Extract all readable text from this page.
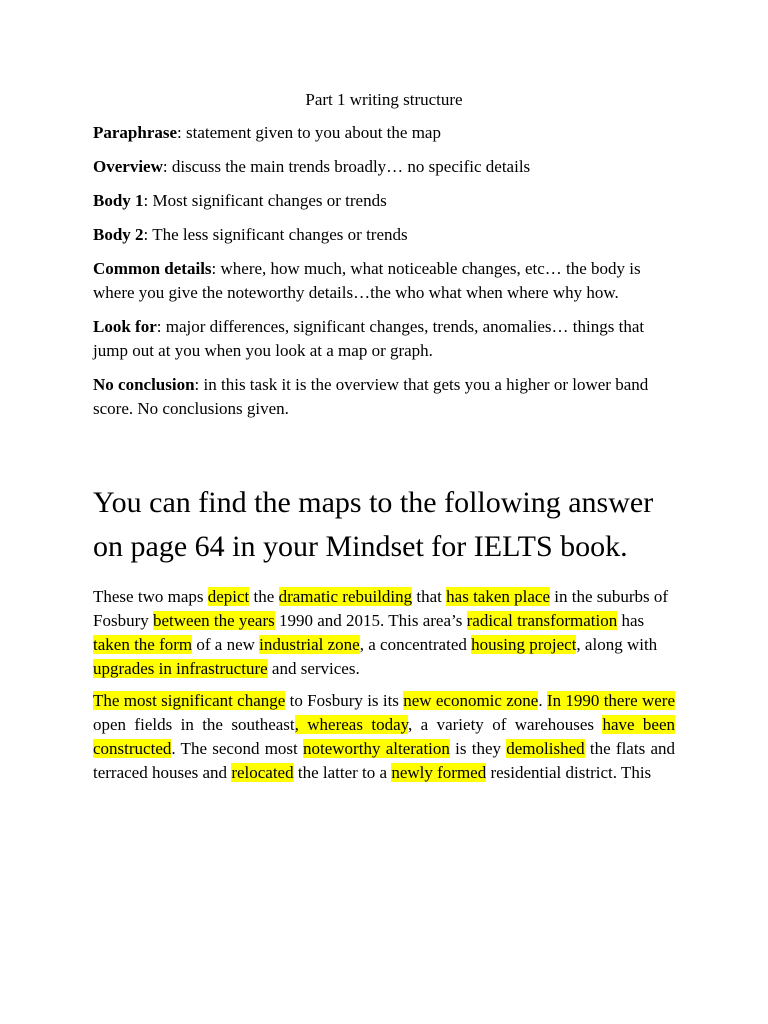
Part 1 writing structure

Paraphrase: statement given to you about the map

Overview: discuss the main trends broadly… no specific details

Body 1: Most significant changes or trends

Body 2: The less significant changes or trends

Common details: where, how much, what noticeable changes, etc… the body is where you give the noteworthy details…the who what when where why how.

Look for: major differences, significant changes, trends, anomalies… things that jump out at you when you look at a map or graph.

No conclusion: in this task it is the overview that gets you a higher or lower band score. No conclusions given.

You can find the maps to the following answer on page 64 in your Mindset for IELTS book.

These two maps depict the dramatic rebuilding that has taken place in the suburbs of Fosbury between the years 1990 and 2015. This area’s radical transformation has taken the form of a new industrial zone, a concentrated housing project, along with upgrades in infrastructure and services.

The most significant change to Fosbury is its new economic zone. In 1990 there were open fields in the southeast, whereas today, a variety of warehouses have been constructed. The second most noteworthy alteration is they demolished the flats and terraced houses and relocated the latter to a newly formed residential district. This
